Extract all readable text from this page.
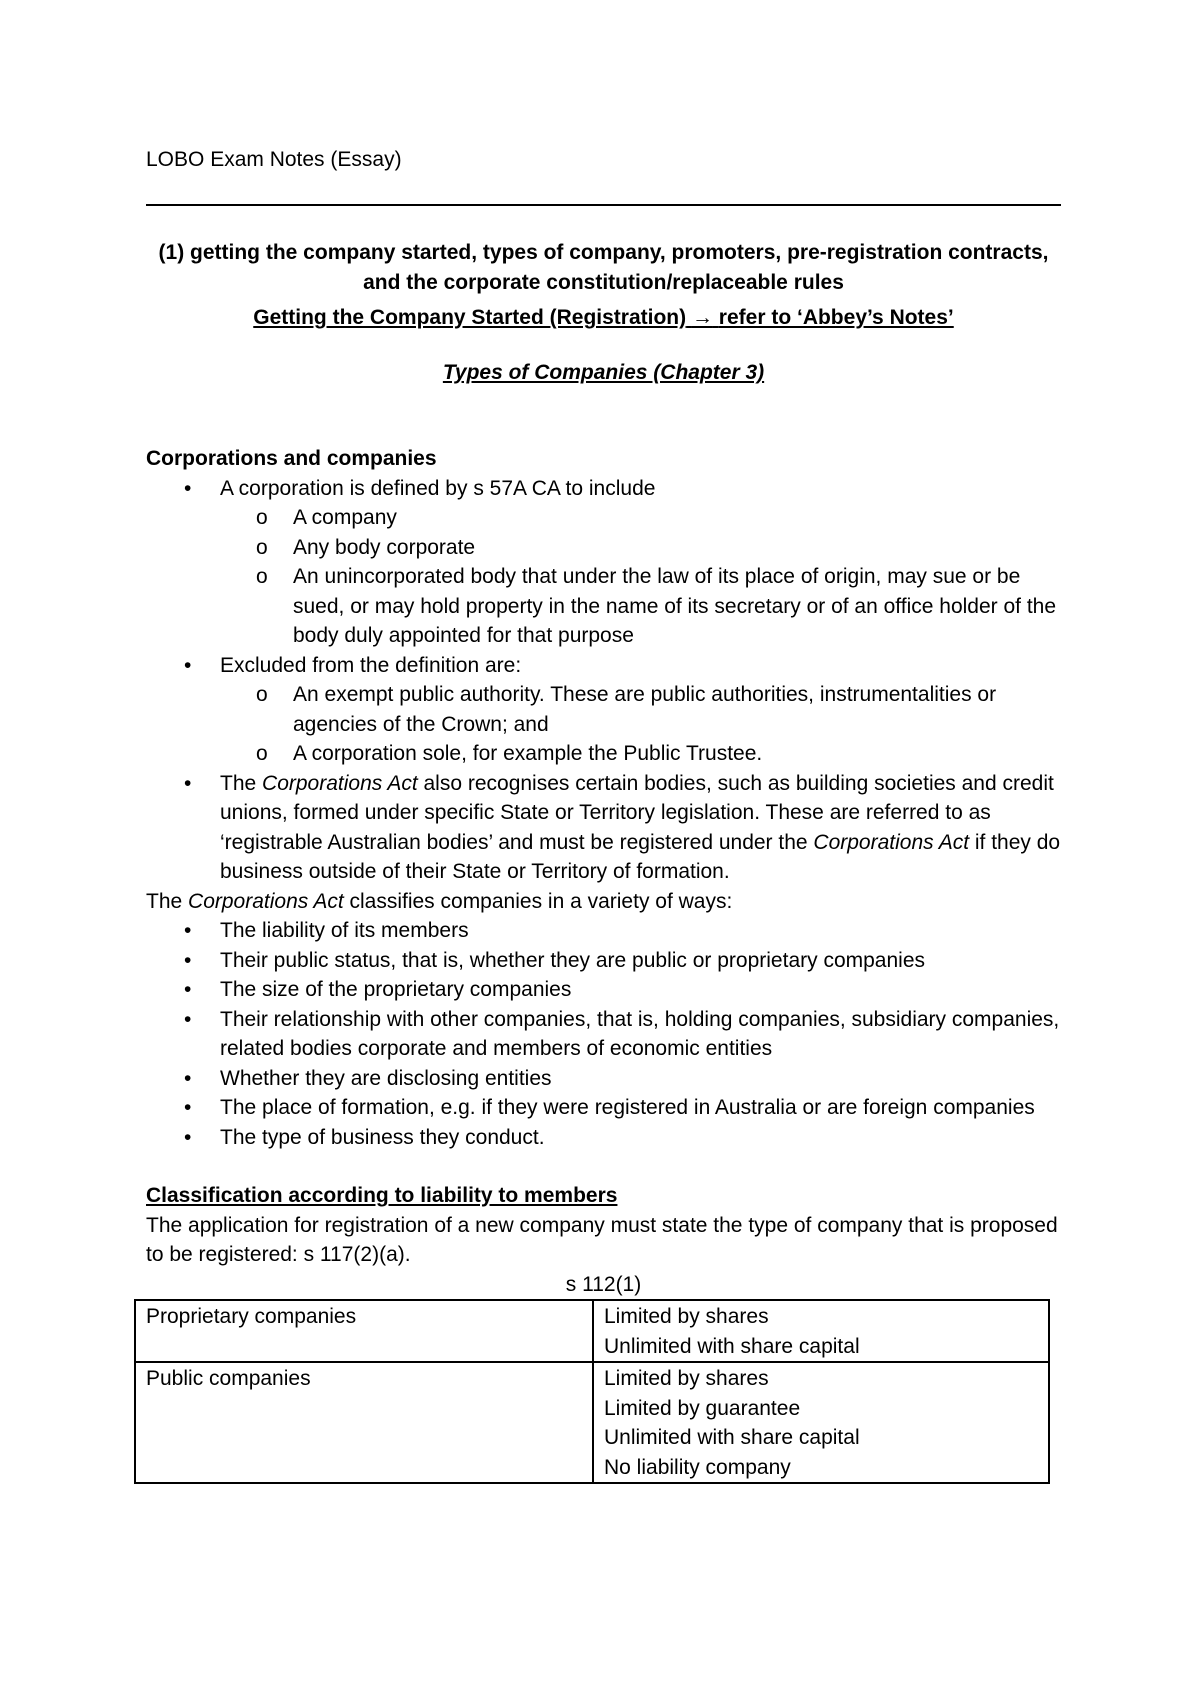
LOBO Exam Notes (Essay)
(1) getting the company started, types of company, promoters, pre-registration contracts,
and the corporate constitution/replaceable rules
Getting the Company Started (Registration) → refer to ‘Abbey’s Notes’
Types of Companies (Chapter 3)
Corporations and companies
• A corporation is defined by s 57A CA to include
o A company
o Any body corporate
o An unincorporated body that under the law of its place of origin, may sue or be sued, or may hold property in the name of its secretary or of an office holder of the body duly appointed for that purpose
• Excluded from the definition are:
o An exempt public authority. These are public authorities, instrumentalities or agencies of the Crown; and
o A corporation sole, for example the Public Trustee.
• The Corporations Act also recognises certain bodies, such as building societies and credit unions, formed under specific State or Territory legislation. These are referred to as ‘registrable Australian bodies’ and must be registered under the Corporations Act if they do business outside of their State or Territory of formation.
The Corporations Act classifies companies in a variety of ways:
• The liability of its members
• Their public status, that is, whether they are public or proprietary companies
• The size of the proprietary companies
• Their relationship with other companies, that is, holding companies, subsidiary companies, related bodies corporate and members of economic entities
• Whether they are disclosing entities
• The place of formation, e.g. if they were registered in Australia or are foreign companies
• The type of business they conduct.
Classification according to liability to members
The application for registration of a new company must state the type of company that is proposed to be registered: s 117(2)(a).
s 112(1)
Proprietary companies	Limited by shares
Unlimited with share capital

Public companies	Limited by shares
Limited by guarantee
Unlimited with share capital
No liability company
